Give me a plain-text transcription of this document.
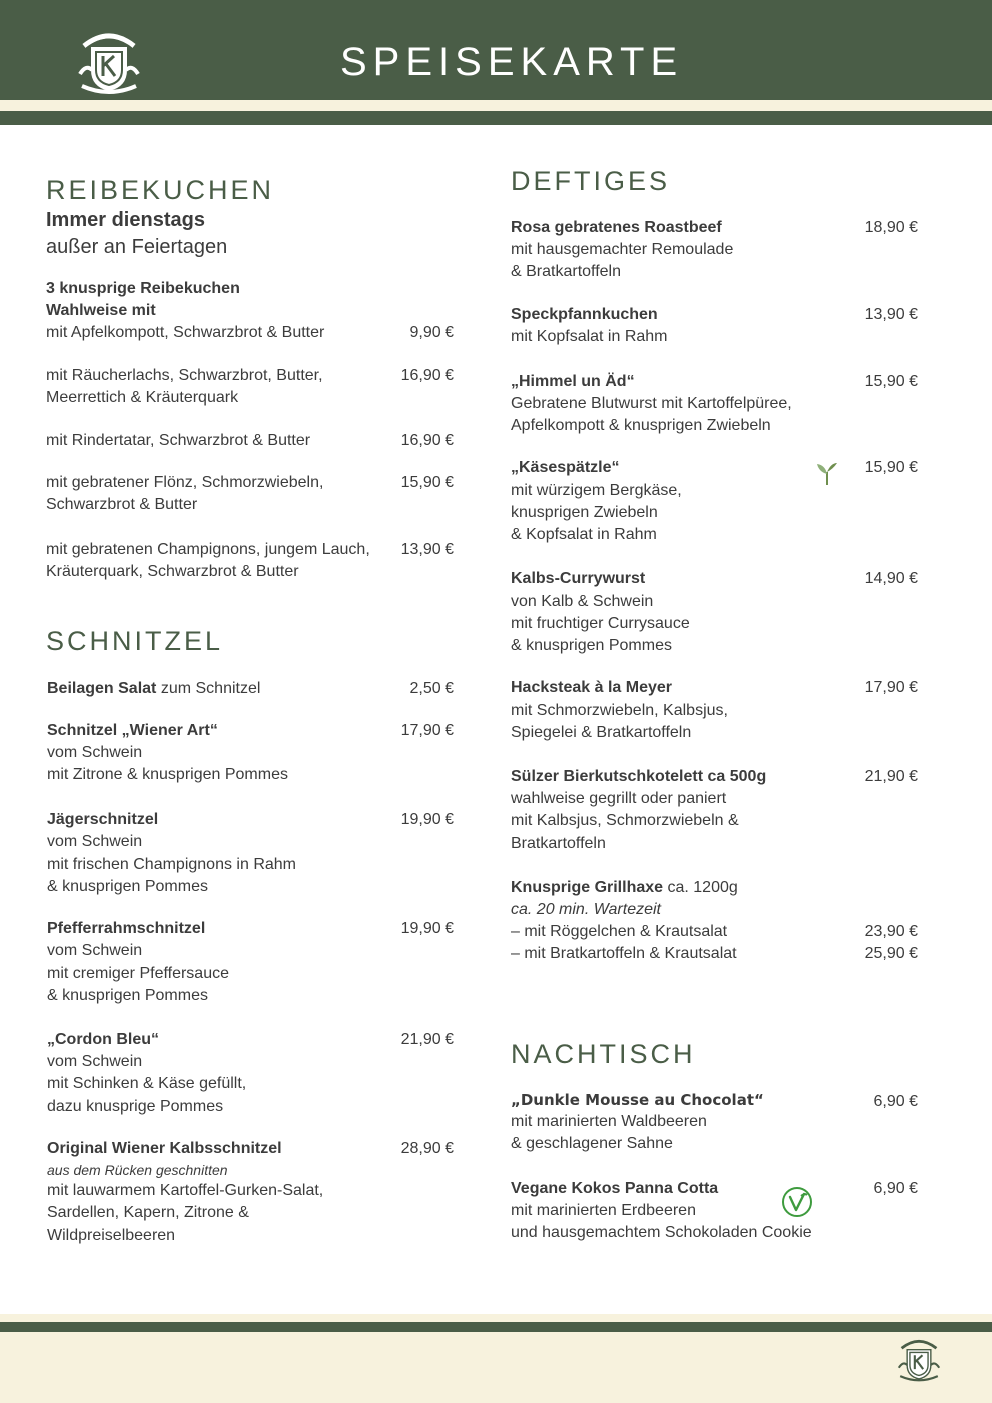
SPEISEKARTE
REIBEKUCHEN
Immer dienstags
außer an Feiertagen
3 knusprige Reibekuchen
Wahlweise mit
mit Apfelkompott, Schwarzbrot & Butter	9,90 €
mit Räucherlachs, Schwarzbrot, Butter,
Meerrettich & Kräuterquark
16,90 €
mit Rindertatar, Schwarzbrot & Butter	16,90 €
mit gebratener Flönz, Schmorzwiebeln,
Schwarzbrot & Butter
15,90 €
mit gebratenen Champignons, jungem Lauch,
Kräuterquark, Schwarzbrot & Butter
13,90 €
SCHNITZEL
Beilagen Salat zum Schnitzel	2,50 €
Schnitzel „Wiener Art“
vom Schwein
mit Zitrone & knusprigen Pommes
17,90 €
Jägerschnitzel
vom Schwein
mit frischen Champignons in Rahm
& knusprigen Pommes
19,90 €
Pfefferrahmschnitzel
vom Schwein
mit cremiger Pfeffersauce
& knusprigen Pommes
19,90 €
„Cordon Bleu“
vom Schwein
mit Schinken & Käse gefüllt,
dazu knusprige Pommes
21,90 €
Original Wiener Kalbsschnitzel
aus dem Rücken geschnitten
mit lauwarmem Kartoffel-Gurken-Salat,
Sardellen, Kapern, Zitrone &
Wildpreiselbeeren
28,90 €
DEFTIGES
Rosa gebratenes Roastbeef
mit hausgemachter Remoulade
& Bratkartoffeln
18,90 €
Speckpfannkuchen
mit Kopfsalat in Rahm
13,90 €
„Himmel un Äd“
Gebratene Blutwurst mit Kartoffelpüree,
Apfelkompott & knusprigen Zwiebeln
15,90 €
„Käsespätzle“
mit würzigem Bergkäse,
knusprigen Zwiebeln
& Kopfsalat in Rahm
15,90 €
Kalbs-Currywurst
von Kalb & Schwein
mit fruchtiger Currysauce
& knusprigen Pommes
14,90 €
Hacksteak à la Meyer
mit Schmorzwiebeln, Kalbsjus,
Spiegelei & Bratkartoffeln
17,90 €
Sülzer Bierkutschkotelett ca 500g
wahlweise gegrillt oder paniert
mit Kalbsjus, Schmorzwiebeln &
Bratkartoffeln
21,90 €
Knusprige Grillhaxe ca. 1200g
ca. 20 min. Wartezeit
– mit Röggelchen & Krautsalat	23,90 €
– mit Bratkartoffeln & Krautsalat	25,90 €
NACHTISCH
„Dunkle Mousse au Chocolat“
mit marinierten Waldbeeren
& geschlagener Sahne
6,90 €
Vegane Kokos Panna Cotta
mit marinierten Erdbeeren
und hausgemachtem Schokoladen Cookie
6,90 €
